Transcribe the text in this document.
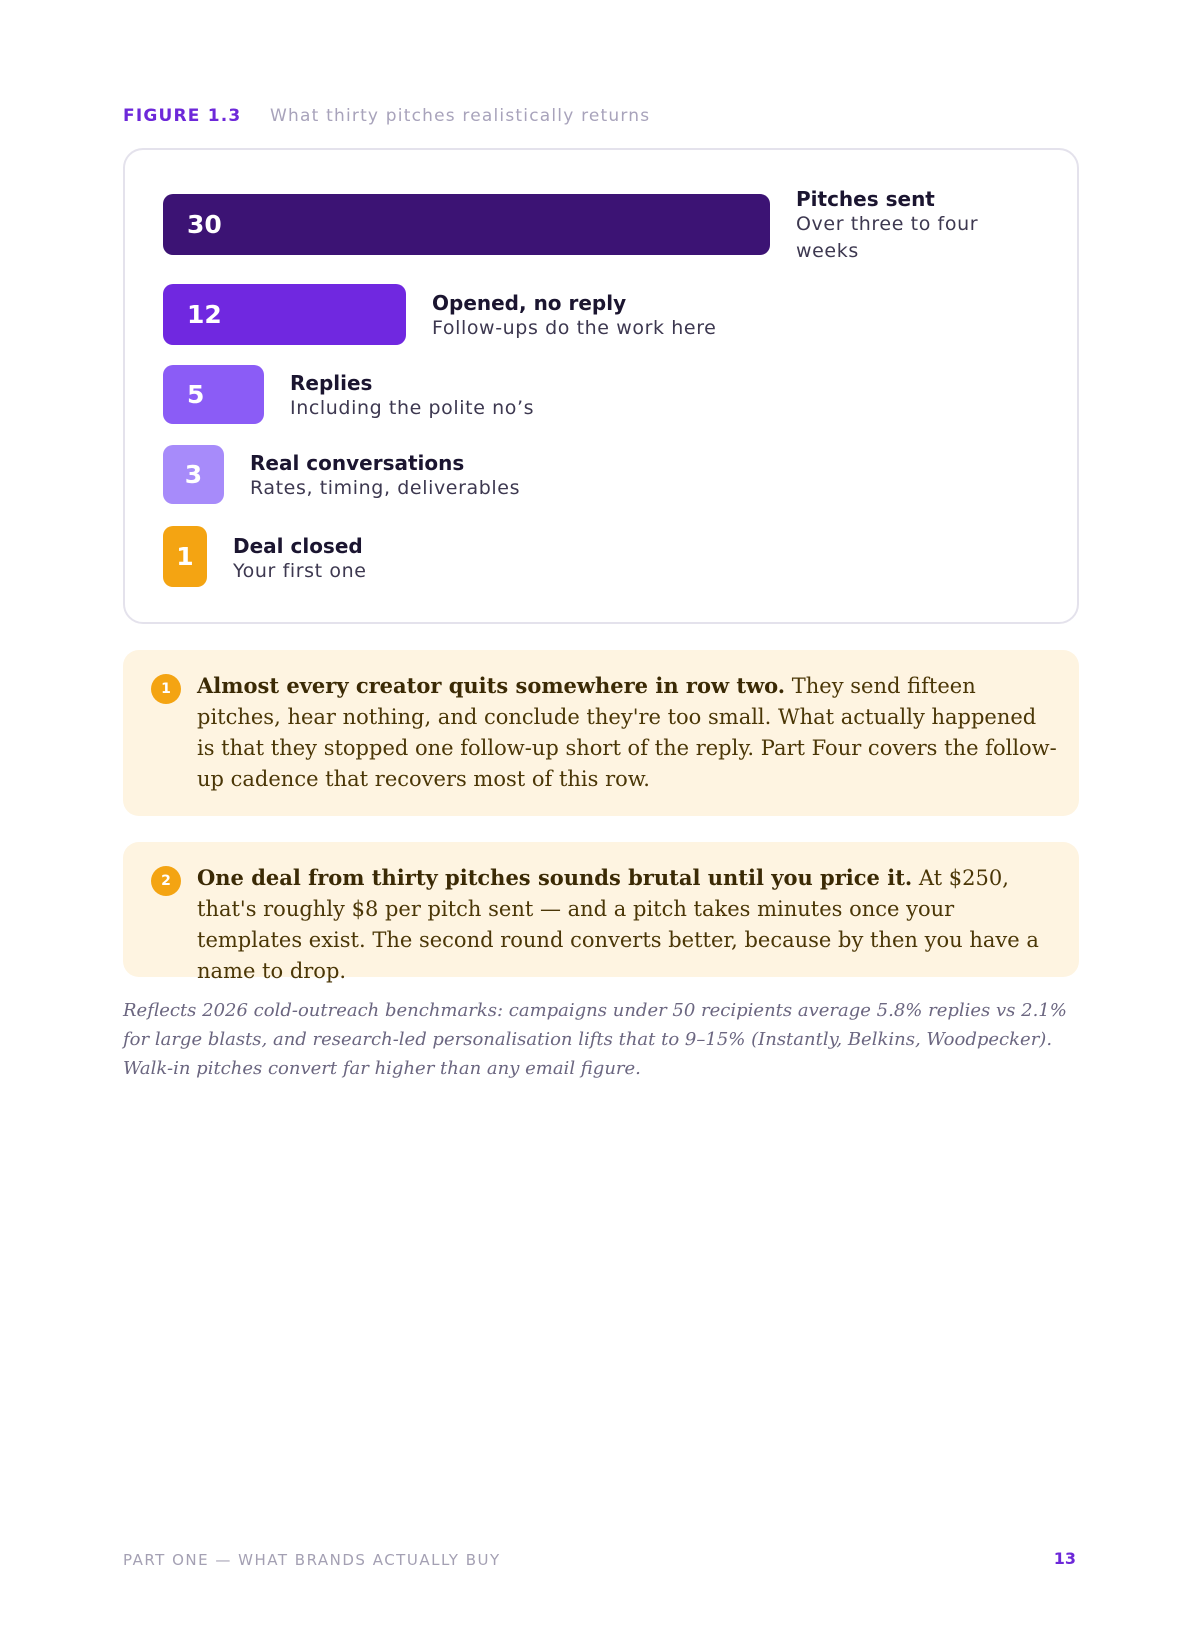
FIGURE 1.3 What thirty pitches realistically returns
30
Pitches sent
Over three to four
weeks
12	Opened, no reply
Follow-ups do the work here
5	Replies
Including the polite no’s
3 Real conversations
Rates, timing, deliverables
1 Deal closed
Your first one
1	Almost every creator quits somewhere in row two. They send fifteen pitches, hear nothing, and conclude they're too small. What actually happened is that they stopped one follow-up short of the reply. Part Four covers the follow-up cadence that recovers most of this row.
2	One deal from thirty pitches sounds brutal until you price it. At $250, that's roughly $8 per pitch sent — and a pitch takes minutes once your templates exist. The second round converts better, because by then you have a name to drop.
Reflects 2026 cold-outreach benchmarks: campaigns under 50 recipients average 5.8% replies vs 2.1% for large blasts, and research-led personalisation lifts that to 9–15% (Instantly, Belkins, Woodpecker). Walk-in pitches convert far higher than any email figure.
PART ONE — WHAT BRANDS ACTUALLY BUY	13
